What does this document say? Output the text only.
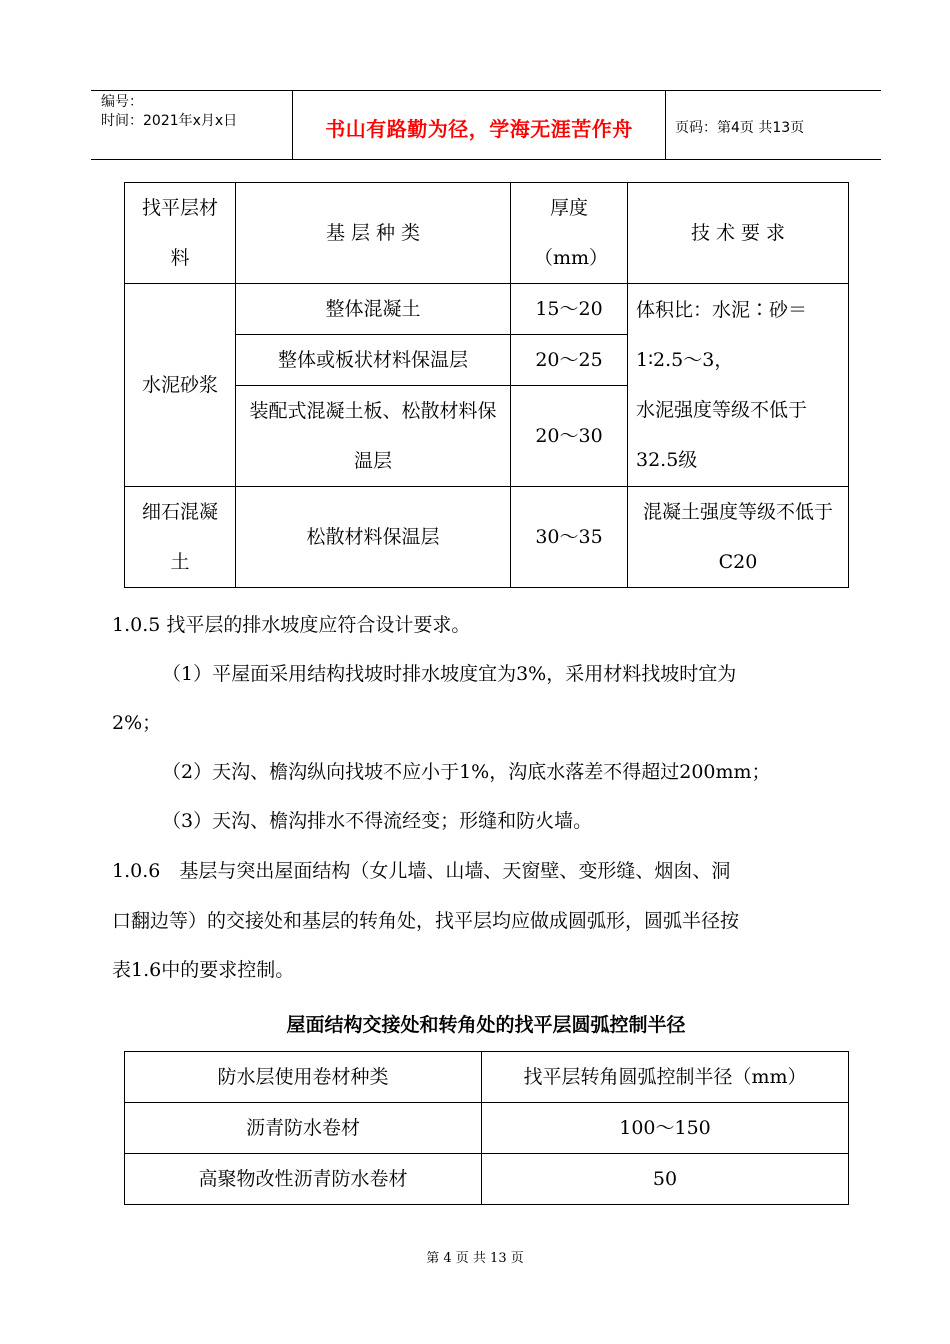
编号：
时间：2021年x月x日	书山有路勤为径，学海无涯苦作舟	页码：第4页 共13页
找平层材料	基 层 种 类	厚度（mm）	技 术 要 求
水泥砂浆	整体混凝土	15～20	体积比：水泥∶砂＝
1∶2.5～3，
水泥强度等级不低于
32.5级

	整体或板状材料保温层	20～25	

	装配式混凝土板、松散材料保温层	20～30	

细石混凝土	松散材料保温层	30～35	混凝土强度等级不低于C20
1.0.5 找平层的排水坡度应符合设计要求。
（1）平屋面采用结构找坡时排水坡度宜为3%，采用材料找坡时宜为
2%；
（2）天沟、檐沟纵向找坡不应小于1%，沟底水落差不得超过200mm；
（3）天沟、檐沟排水不得流经变；形缝和防火墙。
1.0.6　基层与突出屋面结构（女儿墙、山墙、天窗壁、变形缝、烟囱、洞
口翻边等）的交接处和基层的转角处，找平层均应做成圆弧形，圆弧半径按
表1.6中的要求控制。
屋面结构交接处和转角处的找平层圆弧控制半径
防水层使用卷材种类	找平层转角圆弧控制半径（mm）
沥青防水卷材	100～150
高聚物改性沥青防水卷材	50
第 4 页 共 13 页
